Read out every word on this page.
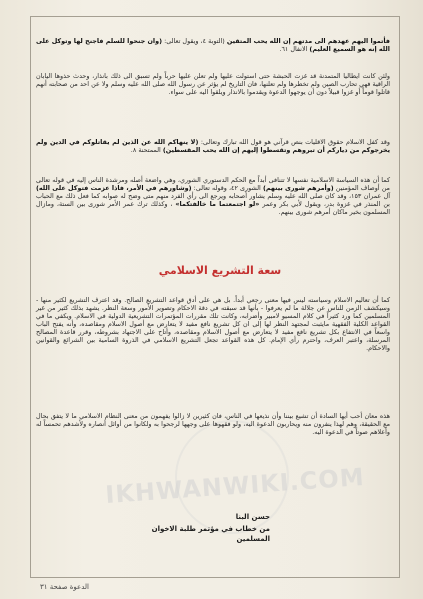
IKHWANWIKI.COM

فأتموا اليهم عهدهم الى مدتهم إن الله يحب المتقين (التوبة ٤، ويقول تعالى: (وان جنحوا للسلم فاجنح لها وتوكل على الله إنه هو السميع العليم) الانفال ٦١.

ولئن كانت ايطاليا المتمدنة قد غزت الحبشة حتى استولت عليها ولم تعلن عليها حرباً ولم تسبق الى ذلك بانذار، وحدث حذوها اليابان الراقية فهي تحارب الصين ولم تخطرها ولم تعلنها، فان التاريخ لم يؤثر عن رسول الله صلى الله عليه وسلم ولا عن احد من صحابته أنهم قاتلوا قوماً أو غزوا قبيلاً دون أن يوجهوا الدعوة ويقدموا بالانذار ويلقوا اليه على سواء.

وقد كفل الاسلام حقوق الاقليات بنص قرآني هو قول الله تبارك وتعالى: (لا ينهاكم الله عن الذين لم يقاتلوكم في الدين ولم يخرجوكم من دياركم أن تبروهم وتقسطوا إليهم إن الله يحب المقسطين) الممتحنة ٨.

كما أن هذه السياسة الاسلامية نفسها لا تتنافى أبداً مع الحكم الدستوري الشوري، وهي واضعة أصله ومرشدة الناس إليه في قوله تعالى من أوصاف المؤمنين (وأمرهم شورى بينهم) الشورى ٤٢، وقوله تعالى: (وشاورهم في الأمر، فاذا عزمت فتوكل على الله) آل عمران ١٥٣، وقد كان صلى الله عليه وسلم يشاور أصحابه ويرجع الى رأي الفرد منهم متى وضح له صوابه كما فعل ذلك مع الحباب بن المنذر في غزوة بدر، ويقول لأبي بكر وعمر «لو اجتمعتما ما خالفتكما» ، وكذلك ترك عمر الأمر شورى بين الستة، ومازال المسلمون بخير ماكان أمرهم شورى بينهم.

سعة التشريع الاسلامي

كما أن تعاليم الاسلام وسياسته ليس فيها معنى رجعي أبداً. بل هي على أدق قواعد التشريع الصالح. وقد اعترف التشريع لكثير منها - وسيكشف الزمن للناس عن جلالة ما لم يعرفوا - بأنها قد سبقته في دقة الاحكام وتصوير الأمور وسعة النظر. يشهد بذلك كثير من غير المسلمين كما ورد كثيراً في كلام المسيو لامبير وأضرابه، وكانت تلك مقررات المؤتمرات التشريعية الدولية في الاسلام. ويكفي ما في القواعد الكلية الفقهية مايثبت لمجتهد النظر لها إلى ان كل تشريع نافع مفيد لا يتعارض مع أصول الاسلام ومقاصده، وأنه يفتح الباب واسعاً في الانتفاع بكل تشريع نافع مفيد لا يتعارض مع أصول الاسلام ومقاصده، وأتاح على الاجتهاد بشروطه، وقرر قاعدة المصالح المرسلة، واعتبر العرف، واحترم رأي الإمام. كل هذه القواعد تجعل التشريع الاسلامي في الذروة السامية بين الشرائع والقوانين والاحكام.

هذه معان أحب أيها السادة أن تشيع بيننا وأن نذيعها في الناس، فان كثيرين لا زالوا يفهمون من معنى النظام الاسلامي ما لا يتفق بحال مع الحقيقة، وهم لهذا ينفرون منه ويحاربون الدعوة اليه، ولو فقهوها على وجهها لرجحوا به ولكانوا من أوائل أنصاره ولأشدهم تحمساً له وأعلاهم صوتاً في الدعوة اليه.

حسن البنا
من خطاب في مؤتمر طلبة الاخوان المسلمين
الدعوة صفحة ٣١
